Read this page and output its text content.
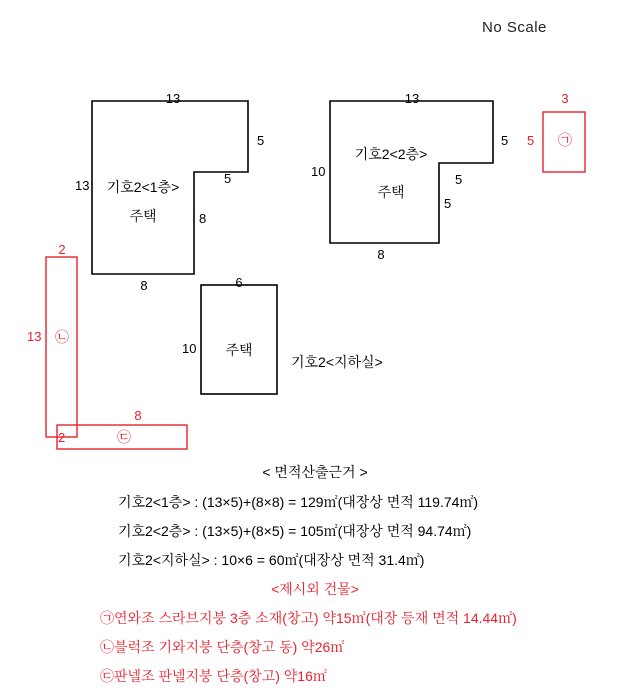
No Scale
13
13
8
5
5
8
기호2<1층>
주택
13
10
8
5
5
5
기호2<2층>
주택
6
10 주택
기호2<지하실>
3
5 ㉠
2
13 ㉡
8
2	㉢
< 면적산출근거 >
기호2<1층> : (13×5)+(8×8) = 129㎡(대장상 면적 119.74㎡)
기호2<2층> : (13×5)+(8×5) = 105㎡(대장상 면적 94.74㎡)
기호2<지하실> : 10×6 = 60㎡(대장상 면적 31.4㎡)
<제시외 건물>
㉠연와조 스라브지붕 3층 소재(창고) 약15㎡(대장 등재 면적 14.44㎡)
㉡블럭조 기와지붕 단층(창고 동) 약26㎡
㉢판넬조 판넬지붕 단층(창고) 약16㎡
